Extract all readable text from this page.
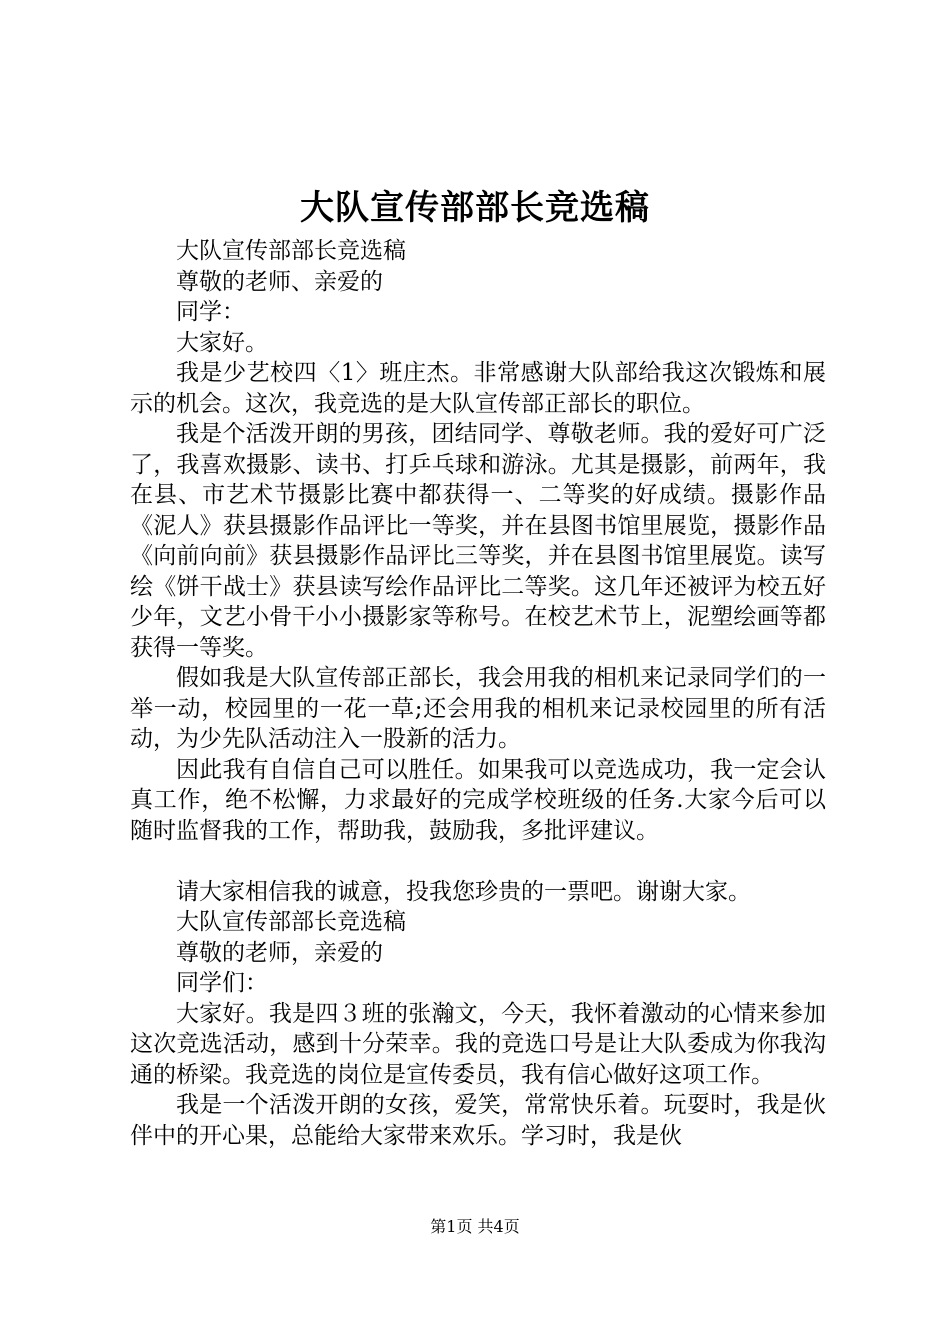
大队宣传部部长竞选稿

大队宣传部部长竞选稿

尊敬的老师、亲爱的

同学：

大家好。

我是少艺校四〈1〉班庄杰。非常感谢大队部给我这次锻炼和展示的机会。这次，我竞选的是大队宣传部正部长的职位。

我是个活泼开朗的男孩，团结同学、尊敬老师。我的爱好可广泛了，我喜欢摄影、读书、打乒乓球和游泳。尤其是摄影，前两年，我在县、市艺术节摄影比赛中都获得一、二等奖的好成绩。摄影作品《泥人》获县摄影作品评比一等奖，并在县图书馆里展览，摄影作品《向前向前》获县摄影作品评比三等奖，并在县图书馆里展览。读写绘《饼干战士》获县读写绘作品评比二等奖。这几年还被评为校五好少年，文艺小骨干小小摄影家等称号。在校艺术节上，泥塑绘画等都获得一等奖。

假如我是大队宣传部正部长，我会用我的相机来记录同学们的一举一动，校园里的一花一草;还会用我的相机来记录校园里的所有活动，为少先队活动注入一股新的活力。

因此我有自信自己可以胜任。如果我可以竞选成功，我一定会认真工作，绝不松懈，力求最好的完成学校班级的任务.大家今后可以随时监督我的工作，帮助我，鼓励我，多批评建议。

请大家相信我的诚意，投我您珍贵的一票吧。谢谢大家。

大队宣传部部长竞选稿

尊敬的老师，亲爱的

同学们：

大家好。我是四３班的张瀚文，今天，我怀着激动的心情来参加这次竞选活动，感到十分荣幸。我的竞选口号是让大队委成为你我沟通的桥梁。我竞选的岗位是宣传委员，我有信心做好这项工作。

我是一个活泼开朗的女孩，爱笑，常常快乐着。玩耍时，我是伙伴中的开心果，总能给大家带来欢乐。学习时，我是伙

第1页 共4页
